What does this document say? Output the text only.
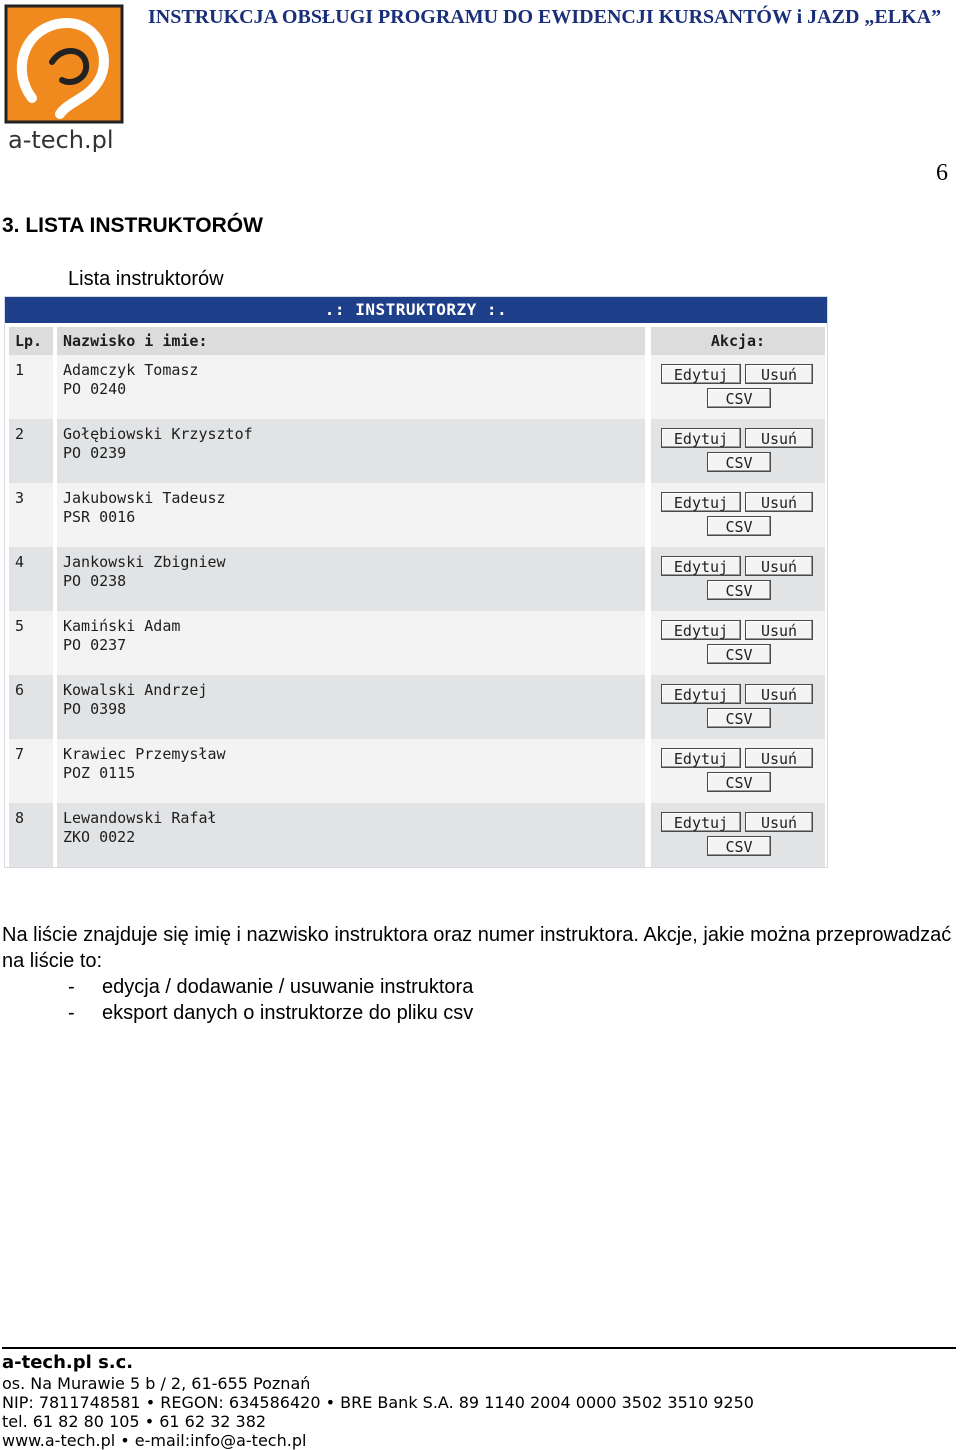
a-tech.pl
INSTRUKCJA OBSŁUGI PROGRAMU DO EWIDENCJI KURSANTÓW i JAZD „ELKA”
6
3. LISTA INSTRUKTORÓW
Lista instruktorów
.: INSTRUKTORZY :.
Lp.	Nazwisko i imie:	Akcja:
1	Adamczyk Tomasz
PO 0240
Edytuj	Usuń
CSV
2	Gołębiowski Krzysztof
PO 0239
Edytuj	Usuń
CSV
3	Jakubowski Tadeusz
PSR 0016
Edytuj	Usuń
CSV
4	Jankowski Zbigniew
PO 0238
Edytuj	Usuń
CSV
5	Kamiński Adam
PO 0237
Edytuj	Usuń
CSV
6	Kowalski Andrzej
PO 0398
Edytuj	Usuń
CSV
7	Krawiec Przemysław
POZ 0115
Edytuj	Usuń
CSV
8	Lewandowski Rafał
ZKO 0022
Edytuj	Usuń
CSV

Na liście znajduje się imię i nazwisko instruktora oraz numer instruktora. Akcje, jakie można przeprowadzać na liście to:

-	edycja / dodawanie / usuwanie instruktora
-	eksport danych o instruktorze do pliku csv
a-tech.pl s.c.
os. Na Murawie 5 b / 2, 61-655 Poznań
NIP: 7811748581 • REGON: 634586420 • BRE Bank S.A. 89 1140 2004 0000 3502 3510 9250
tel. 61 82 80 105 • 61 62 32 382
www.a-tech.pl • e-mail:info@a-tech.pl
